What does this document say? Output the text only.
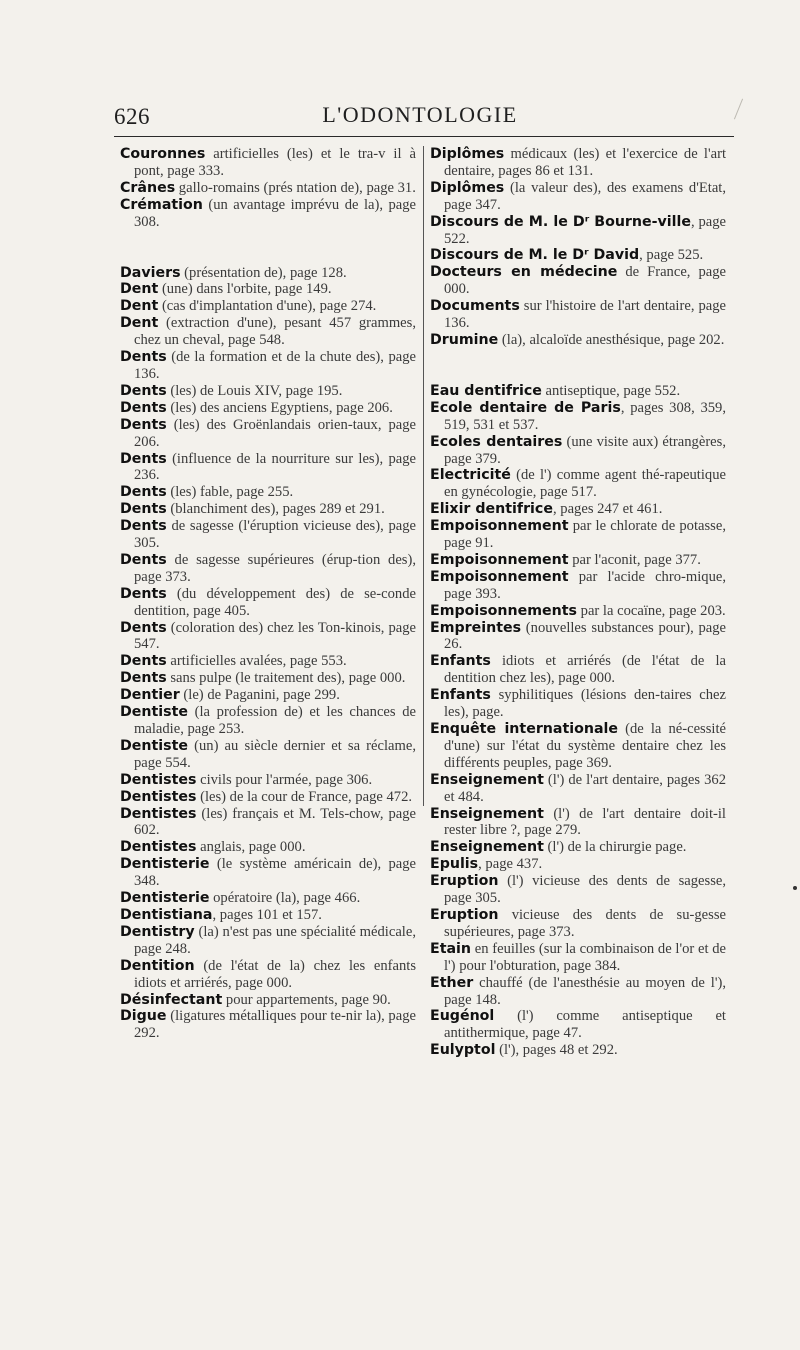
626	L'ODONTOLOGIE

Couronnes artificielles (les) et le tra-v il à pont, page 333.

Crânes gallo-romains (prés ntation de), page 31.

Crémation (un avantage imprévu de la), page 308.

Daviers (présentation de), page 128.

Dent (une) dans l'orbite, page 149.

Dent (cas d'implantation d'une), page 274.

Dent (extraction d'une), pesant 457 grammes, chez un cheval, page 548.

Dents (de la formation et de la chute des), page 136.

Dents (les) de Louis XIV, page 195.

Dents (les) des anciens Egyptiens, page 206.

Dents (les) des Groënlandais orien-taux, page 206.

Dents (influence de la nourriture sur les), page 236.

Dents (les) fable, page 255.

Dents (blanchiment des), pages 289 et 291.

Dents de sagesse (l'éruption vicieuse des), page 305.

Dents de sagesse supérieures (érup-tion des), page 373.

Dents (du développement des) de se-conde dentition, page 405.

Dents (coloration des) chez les Ton-kinois, page 547.

Dents artificielles avalées, page 553.

Dents sans pulpe (le traitement des), page 000.

Dentier (le) de Paganini, page 299.

Dentiste (la profession de) et les chances de maladie, page 253.

Dentiste (un) au siècle dernier et sa réclame, page 554.

Dentistes civils pour l'armée, page 306.

Dentistes (les) de la cour de France, page 472.

Dentistes (les) français et M. Tels-chow, page 602.

Dentistes anglais, page 000.

Dentisterie (le système américain de), page 348.

Dentisterie opératoire (la), page 466.

Dentistiana, pages 101 et 157.

Dentistry (la) n'est pas une spécialité médicale, page 248.

Dentition (de l'état de la) chez les enfants idiots et arriérés, page 000.

Désinfectant pour appartements, page 90.

Digue (ligatures métalliques pour te-nir la), page 292.

Diplômes médicaux (les) et l'exercice de l'art dentaire, pages 86 et 131.

Diplômes (la valeur des), des examens d'Etat, page 347.

Discours de M. le Dʳ Bourne-ville, page 522.

Discours de M. le Dʳ David, page 525.

Docteurs en médecine de France, page 000.

Documents sur l'histoire de l'art dentaire, page 136.

Drumine (la), alcaloïde anesthésique, page 202.

Eau dentifrice antiseptique, page 552.

Ecole dentaire de Paris, pages 308, 359, 519, 531 et 537.

Ecoles dentaires (une visite aux) étrangères, page 379.

Electricité (de l') comme agent thé-rapeutique en gynécologie, page 517.

Elixir dentifrice, pages 247 et 461.

Empoisonnement par le chlorate de potasse, page 91.

Empoisonnement par l'aconit, page 377.

Empoisonnement par l'acide chro-mique, page 393.

Empoisonnements par la cocaïne, page 203.

Empreintes (nouvelles substances pour), page 26.

Enfants idiots et arriérés (de l'état de la dentition chez les), page 000.

Enfants syphilitiques (lésions den-taires chez les), page.

Enquête internationale (de la né-cessité d'une) sur l'état du système dentaire chez les différents peuples, page 369.

Enseignement (l') de l'art dentaire, pages 362 et 484.

Enseignement (l') de l'art dentaire doit-il rester libre ?, page 279.

Enseignement (l') de la chirurgie page.

Epulis, page 437.

Eruption (l') vicieuse des dents de sagesse, page 305.

Eruption vicieuse des dents de su-gesse supérieures, page 373.

Etain en feuilles (sur la combinaison de l'or et de l') pour l'obturation, page 384.

Ether chauffé (de l'anesthésie au moyen de l'), page 148.

Eugénol (l') comme antiseptique et antithermique, page 47.

Eulyptol (l'), pages 48 et 292.
